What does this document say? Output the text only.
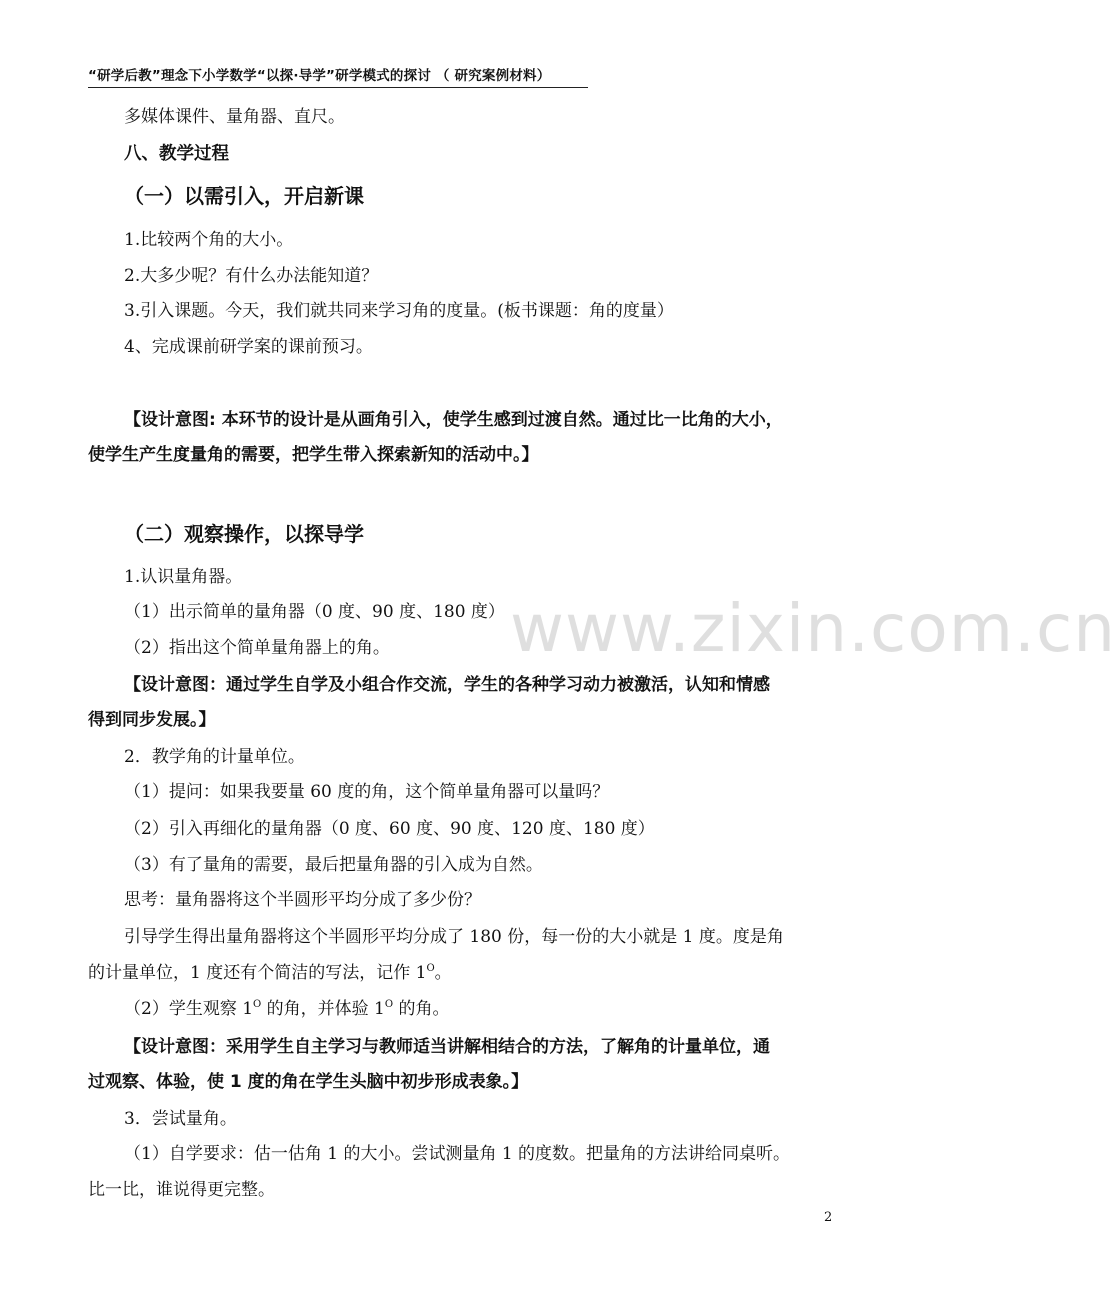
“研学后教”理念下小学数学“以探·导学”研学模式的探讨 （ 研究案例材料）
多媒体课件、量角器、直尺。
八、教学过程
（一）以需引入，开启新课
1.比较两个角的大小。
2.大多少呢？有什么办法能知道？
3.引入课题。今天，我们就共同来学习角的度量。(板书课题：角的度量）
4、完成课前研学案的课前预习。
【设计意图: 本环节的设计是从画角引入，使学生感到过渡自然。通过比一比角的大小，
使学生产生度量角的需要，把学生带入探索新知的活动中。】
（二）观察操作，以探导学
1.认识量角器。
（1）出示简单的量角器（0 度、90 度、180 度）
（2）指出这个简单量角器上的角。
【设计意图：通过学生自学及小组合作交流，学生的各种学习动力被激活，认知和情感
得到同步发展。】
2．教学角的计量单位。
（1）提问：如果我要量 60 度的角，这个简单量角器可以量吗？
（2）引入再细化的量角器（0 度、60 度、90 度、120 度、180 度）
（3）有了量角的需要，最后把量角器的引入成为自然。
思考：量角器将这个半圆形平均分成了多少份？
引导学生得出量角器将这个半圆形平均分成了 180 份，每一份的大小就是 1 度。度是角
的计量单位，1 度还有个简洁的写法，记作 $1^O$。
（2）学生观察 $1^O$ 的角，并体验 $1^O$ 的角。
【设计意图：采用学生自主学习与教师适当讲解相结合的方法，了解角的计量单位，通
过观察、体验，使 1 度的角在学生头脑中初步形成表象。】
3．尝试量角。
（1）自学要求：估一估角 1 的大小。尝试测量角 1 的度数。把量角的方法讲给同桌听。
比一比，谁说得更完整。
www.zixin.com.cn
2
